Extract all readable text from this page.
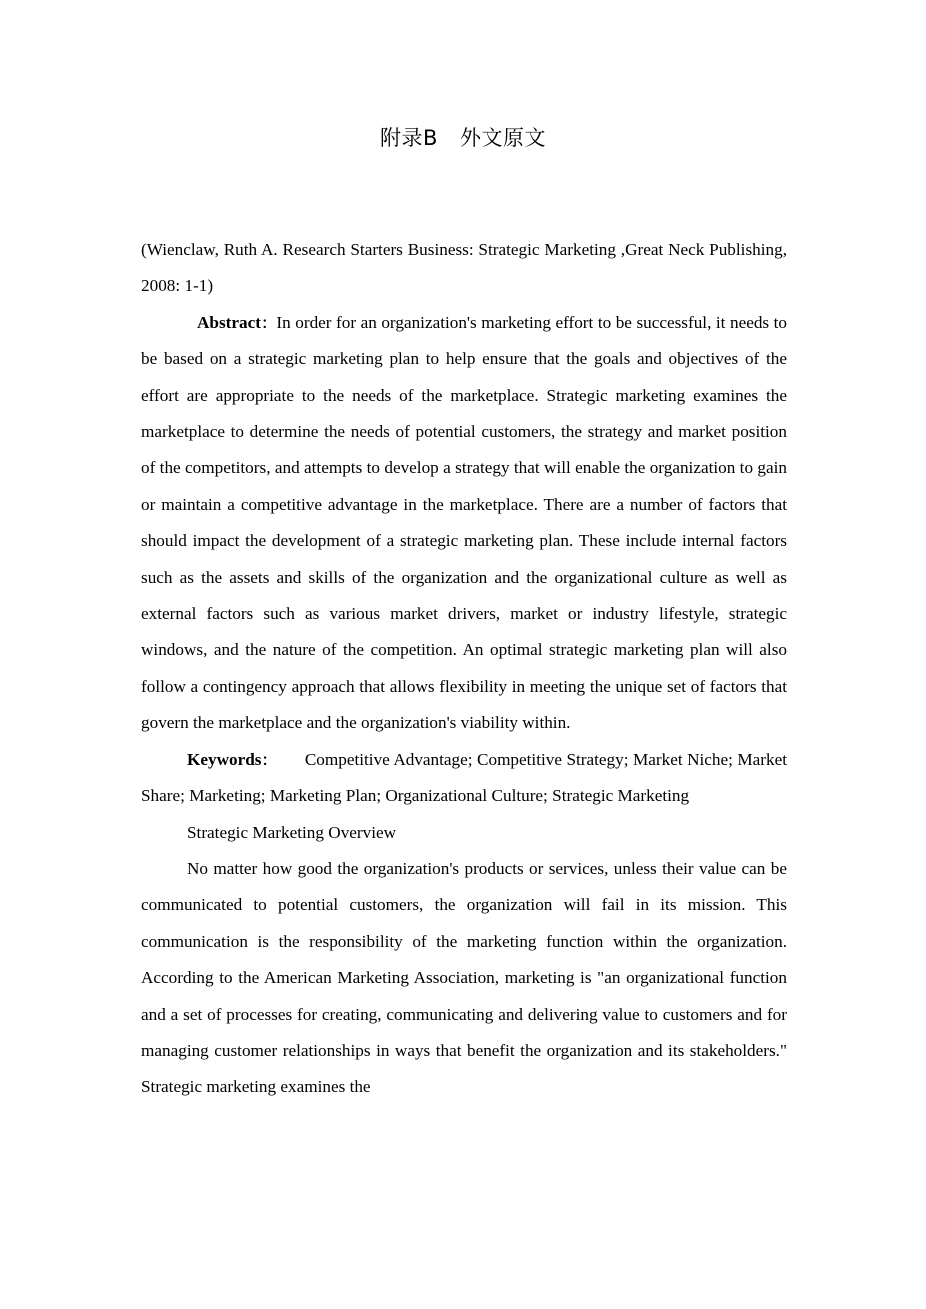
附录B 外文原文

(Wienclaw, Ruth A. Research Starters Business: Strategic Marketing ,Great Neck Publishing, 2008: 1-1)

Abstract：In order for an organization's marketing effort to be successful, it needs to be based on a strategic marketing plan to help ensure that the goals and objectives of the effort are appropriate to the needs of the marketplace. Strategic marketing examines the marketplace to determine the needs of potential customers, the strategy and market position of the competitors, and attempts to develop a strategy that will enable the organization to gain or maintain a competitive advantage in the marketplace. There are a number of factors that should impact the development of a strategic marketing plan. These include internal factors such as the assets and skills of the organization and the organizational culture as well as external factors such as various market drivers, market or industry lifestyle, strategic windows, and the nature of the competition. An optimal strategic marketing plan will also follow a contingency approach that allows flexibility in meeting the unique set of factors that govern the marketplace and the organization's viability within.

Keywords： Competitive Advantage; Competitive Strategy; Market Niche; Market Share; Marketing; Marketing Plan; Organizational Culture; Strategic Marketing

Strategic Marketing Overview

No matter how good the organization's products or services, unless their value can be communicated to potential customers, the organization will fail in its mission. This communication is the responsibility of the marketing function within the organization. According to the American Marketing Association, marketing is "an organizational function and a set of processes for creating, communicating and delivering value to customers and for managing customer relationships in ways that benefit the organization and its stakeholders." Strategic marketing examines the
